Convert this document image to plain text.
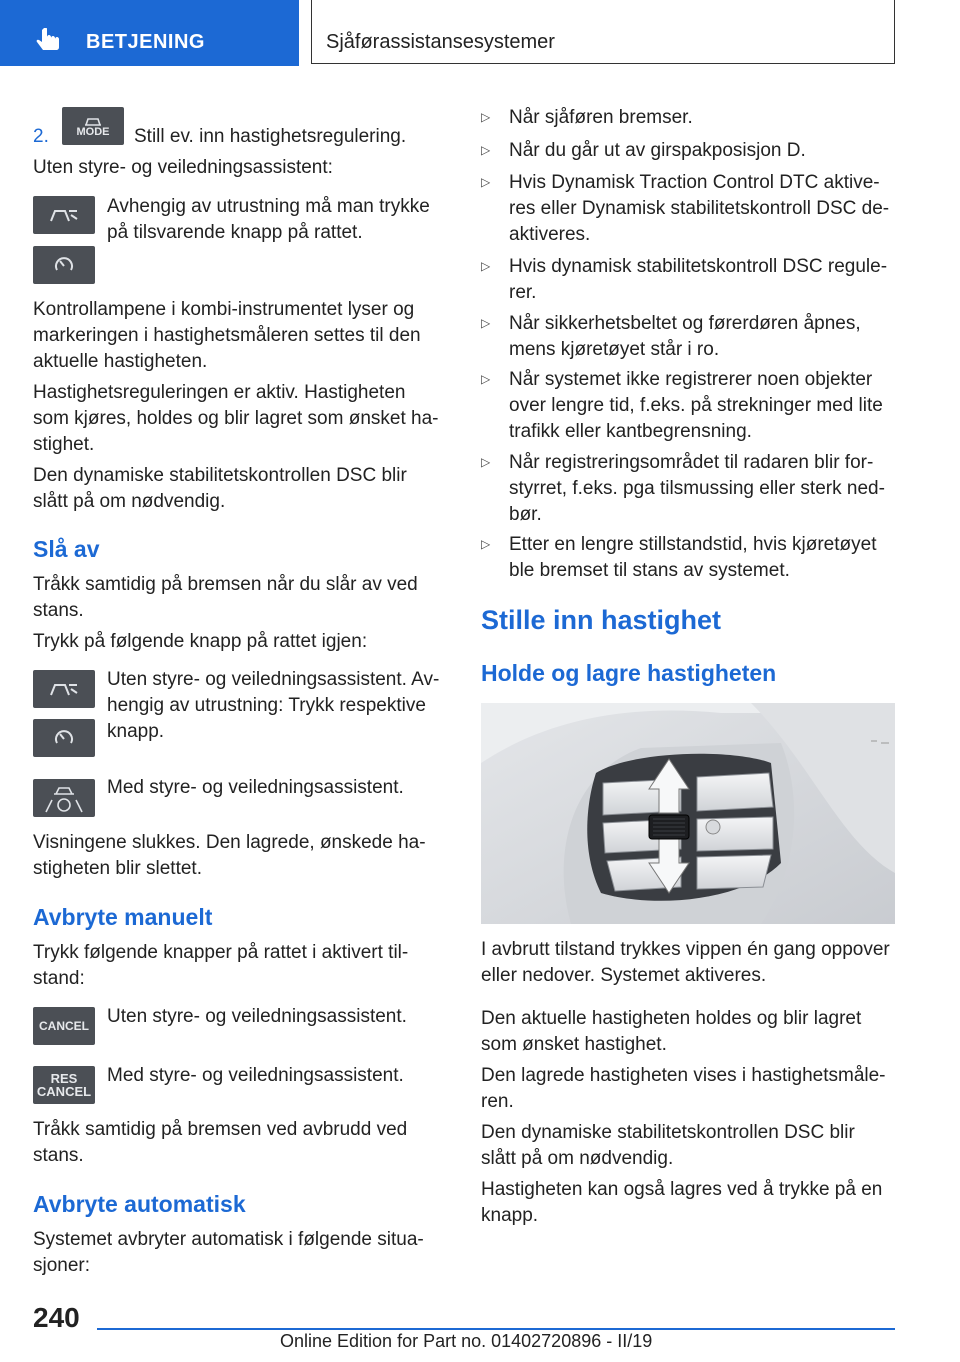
BETJENING	Sjåførassistansesystemer
2.	MODE Still ev. inn hastighetsregulering.
Uten styre- og veiledningsassistent:
Avhengig av utrustning må man trykke
på tilsvarende knapp på rattet.
Kontrollampene i kombi-instrumentet lyser og
markeringen i hastighetsmåleren settes til den
aktuelle hastigheten.
Hastighetsreguleringen er aktiv. Hastigheten
som kjøres, holdes og blir lagret som ønsket ha-
stighet.
Den dynamiske stabilitetskontrollen DSC blir
slått på om nødvendig.
Slå av
Tråkk samtidig på bremsen når du slår av ved
stans.
Trykk på følgende knapp på rattet igjen:
Uten styre- og veiledningsassistent. Av-
hengig av utrustning: Trykk respektive
knapp.
Med styre- og veiledningsassistent.
Visningene slukkes. Den lagrede, ønskede ha-
stigheten blir slettet.
Avbryte manuelt
Trykk følgende knapper på rattet i aktivert til-
stand:
CANCEL Uten styre- og veiledningsassistent.
RES
CANCEL
Med styre- og veiledningsassistent.
Tråkk samtidig på bremsen ved avbrudd ved
stans.
Avbryte automatisk
Systemet avbryter automatisk i følgende situa-
sjoner:
▷ Når sjåføren bremser.
▷ Når du går ut av girspakposisjon D.
▷ Hvis Dynamisk Traction Control DTC aktive-
res eller Dynamisk stabilitetskontroll DSC de-
aktiveres.
▷ Hvis dynamisk stabilitetskontroll DSC regule-
rer.
▷ Når sikkerhetsbeltet og førerdøren åpnes,
mens kjøretøyet står i ro.
▷ Når systemet ikke registrerer noen objekter
over lengre tid, f.eks. på strekninger med lite
trafikk eller kantbegrensning.
▷ Når registreringsområdet til radaren blir for-
styrret, f.eks. pga tilsmussing eller sterk ned-
bør.
▷ Etter en lengre stillstandstid, hvis kjøretøyet
ble bremset til stans av systemet.
Stille inn hastighet
Holde og lagre hastigheten
I avbrutt tilstand trykkes vippen én gang oppover
eller nedover. Systemet aktiveres.
Den aktuelle hastigheten holdes og blir lagret
som ønsket hastighet.
Den lagrede hastigheten vises i hastighetsmåle-
ren.
Den dynamiske stabilitetskontrollen DSC blir
slått på om nødvendig.
Hastigheten kan også lagres ved å trykke på en
knapp.
240
Online Edition for Part no. 01402720896 - II/19
